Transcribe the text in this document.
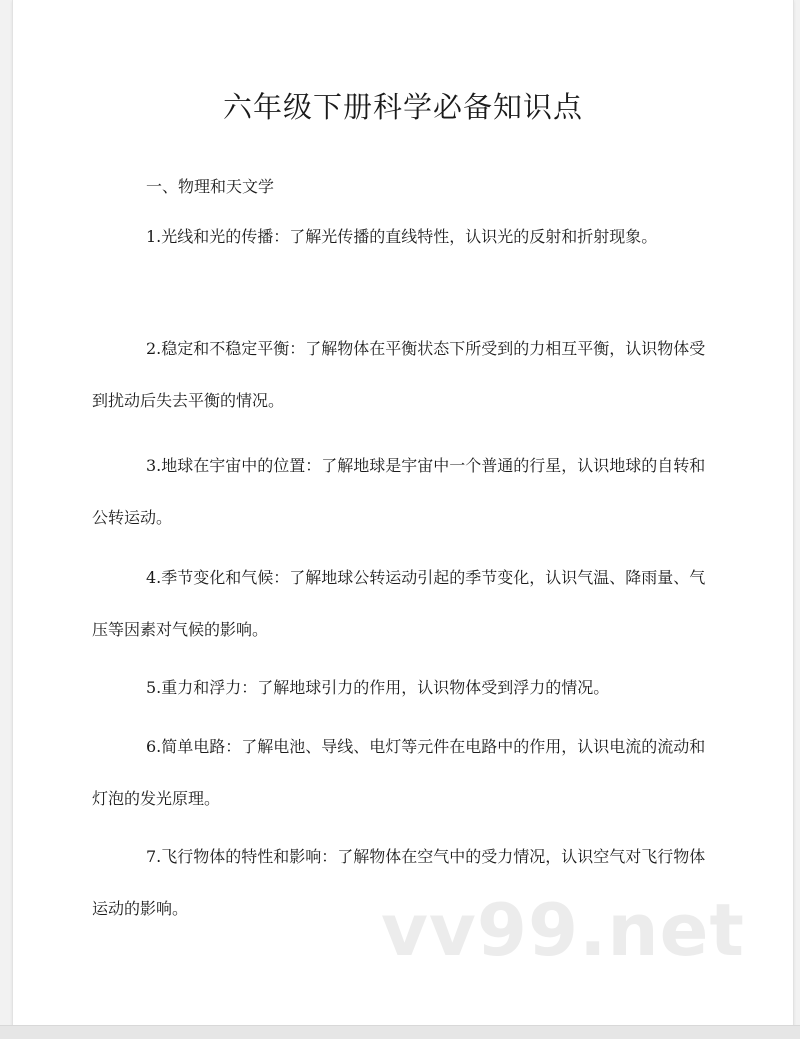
六年级下册科学必备知识点
一、物理和天文学

1.光线和光的传播：了解光传播的直线特性，认识光的反射和折射现象。

2.稳定和不稳定平衡：了解物体在平衡状态下所受到的力相互平衡，认识物体受到扰动后失去平衡的情况。

3.地球在宇宙中的位置：了解地球是宇宙中一个普通的行星，认识地球的自转和公转运动。

4.季节变化和气候：了解地球公转运动引起的季节变化，认识气温、降雨量、气压等因素对气候的影响。

5.重力和浮力：了解地球引力的作用，认识物体受到浮力的情况。

6.简单电路：了解电池、导线、电灯等元件在电路中的作用，认识电流的流动和灯泡的发光原理。

7.飞行物体的特性和影响：了解物体在空气中的受力情况，认识空气对飞行物体运动的影响。	vv99.net
